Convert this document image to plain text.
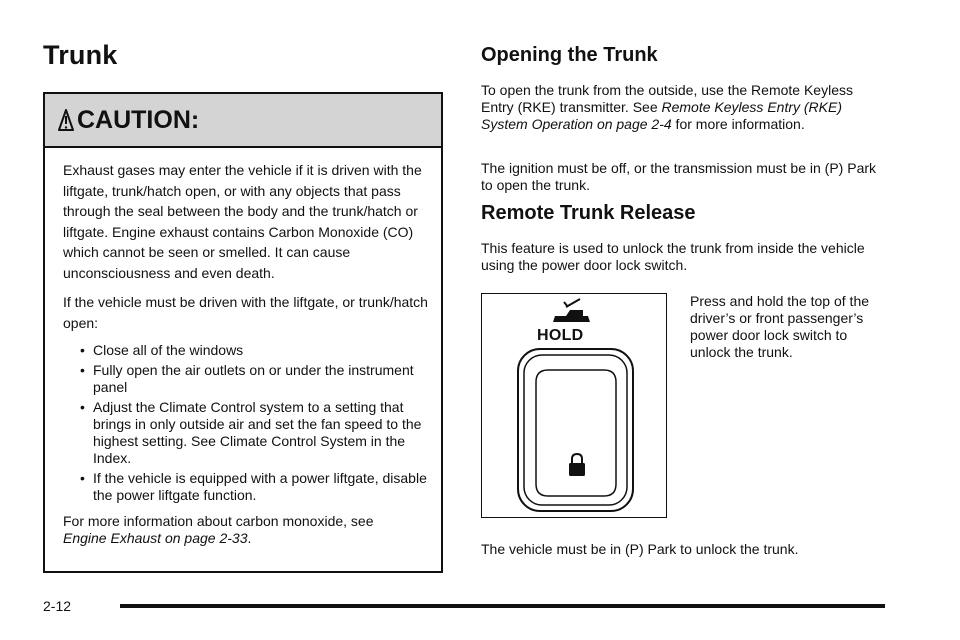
Trunk
CAUTION:

Exhaust gases may enter the vehicle if it is driven with the liftgate, trunk/hatch open, or with any objects that pass through the seal between the body and the trunk/hatch or liftgate. Engine exhaust contains Carbon Monoxide (CO) which cannot be seen or smelled. It can cause unconsciousness and even death.

If the vehicle must be driven with the liftgate, or trunk/hatch open:

• Close all of the windows
• Fully open the air outlets on or under the instrument panel
• Adjust the Climate Control system to a setting that brings in only outside air and set the fan speed to the highest setting. See Climate Control System in the Index.
• If the vehicle is equipped with a power liftgate, disable the power liftgate function.

For more information about carbon monoxide, see
Engine Exhaust on page 2-33.

Opening the Trunk

To open the trunk from the outside, use the Remote Keyless Entry (RKE) transmitter. See Remote Keyless Entry (RKE) System Operation on page 2-4 for more information.

The ignition must be off, or the transmission must be in (P) Park to open the trunk.
Remote Trunk Release
This feature is used to unlock the trunk from inside the vehicle using the power door lock switch.
HOLD
Press and hold the top of the driver’s or front passenger’s power door lock switch to unlock the trunk.
The vehicle must be in (P) Park to unlock the trunk.
2-12
